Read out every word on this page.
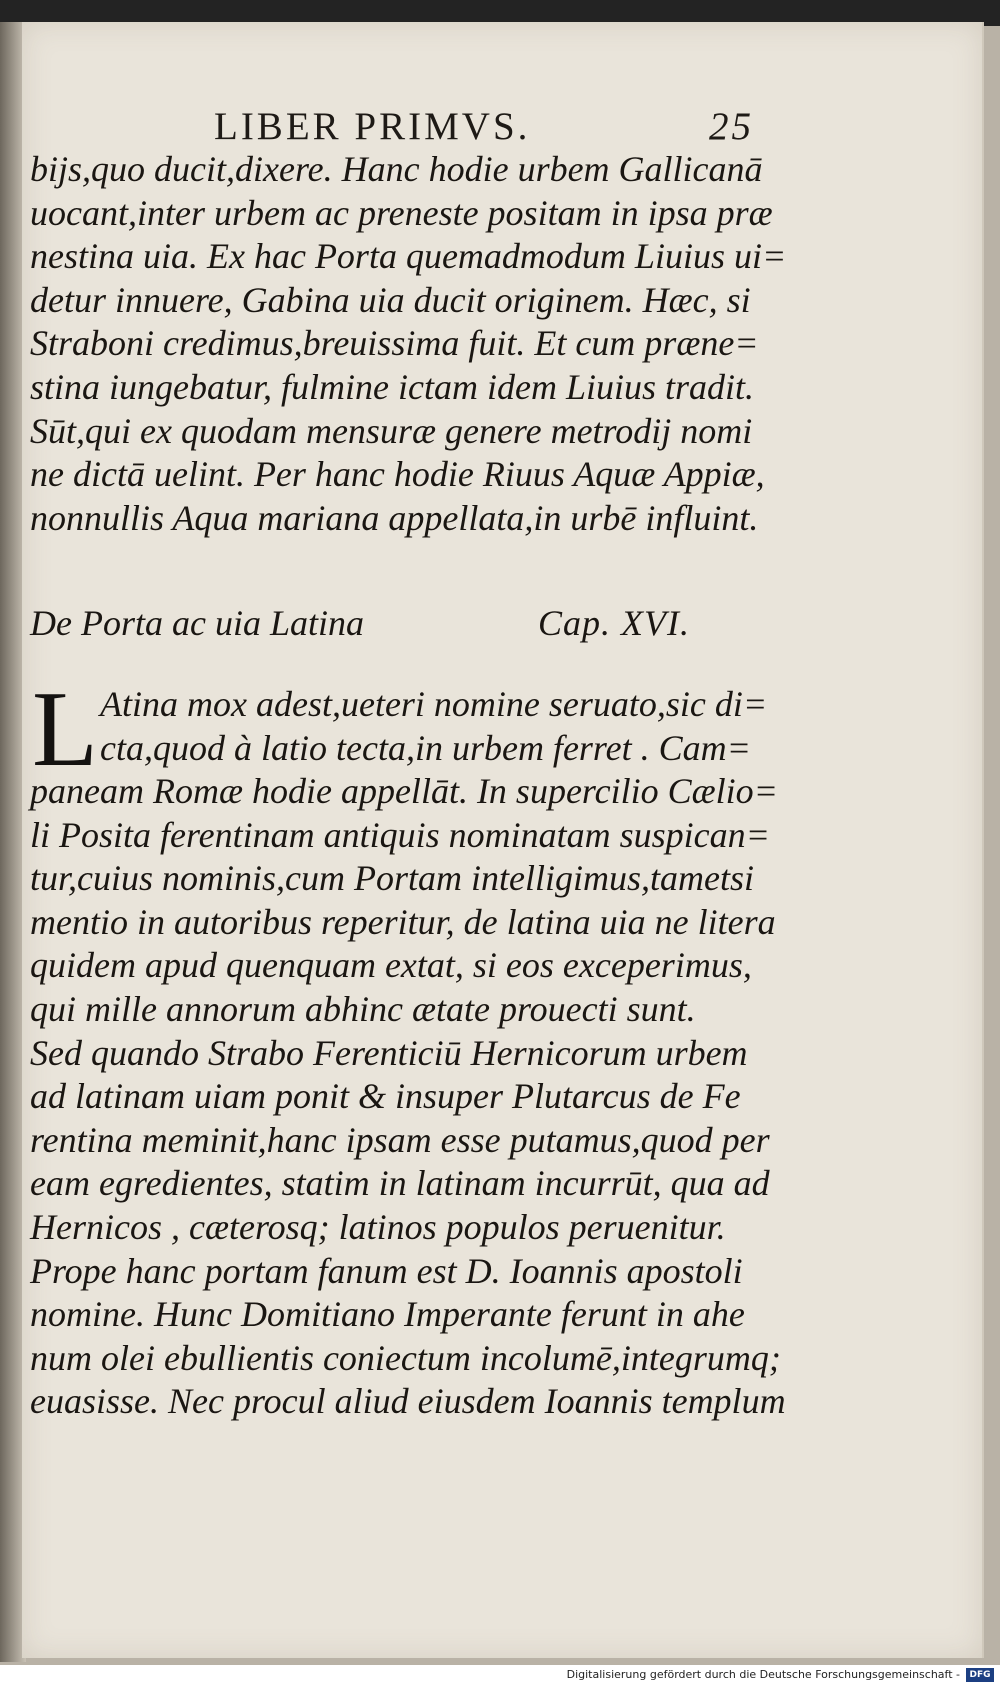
LIBER PRIMVS.	25
bijs,quo ducit,dixere. Hanc hodie urbem Gallicanā
uocant,inter urbem ac preneste positam in ipsa præ
nestina uia. Ex hac Porta quemadmodum Liuius ui=
detur innuere, Gabina uia ducit originem. Hæc, si
Straboni credimus,breuissima fuit. Et cum præne=
stina iungebatur, fulmine ictam idem Liuius tradit.
Sūt,qui ex quodam mensuræ genere metrodij nomi
ne dictā uelint. Per hanc hodie Riuus Aquæ Appiæ,
nonnullis Aqua mariana appellata,in urbē influint.
De Porta ac uia Latina	Cap. XVI.
L Atina mox adest,ueteri nomine seruato,sic di=
cta,quod à latio tecta,in urbem ferret . Cam=
paneam Romæ hodie appellāt. In supercilio Cælio=
li Posita ferentinam antiquis nominatam suspican=
tur,cuius nominis,cum Portam intelligimus,tametsi
mentio in autoribus reperitur, de latina uia ne litera
quidem apud quenquam extat, si eos exceperimus,
qui mille annorum abhinc ætate prouecti sunt.
Sed quando Strabo Ferenticiū Hernicorum urbem
ad latinam uiam ponit & insuper Plutarcus de Fe
rentina meminit,hanc ipsam esse putamus,quod per
eam egredientes, statim in latinam incurrūt, qua ad
Hernicos , cæterosq; latinos populos peruenitur.
Prope hanc portam fanum est D. Ioannis apostoli
nomine. Hunc Domitiano Imperante ferunt in ahe
num olei ebullientis coniectum incolumē,integrumq;
euasisse. Nec procul aliud eiusdem Ioannis templum
Digitalisierung gefördert durch die Deutsche Forschungsgemeinschaft -	DFG
